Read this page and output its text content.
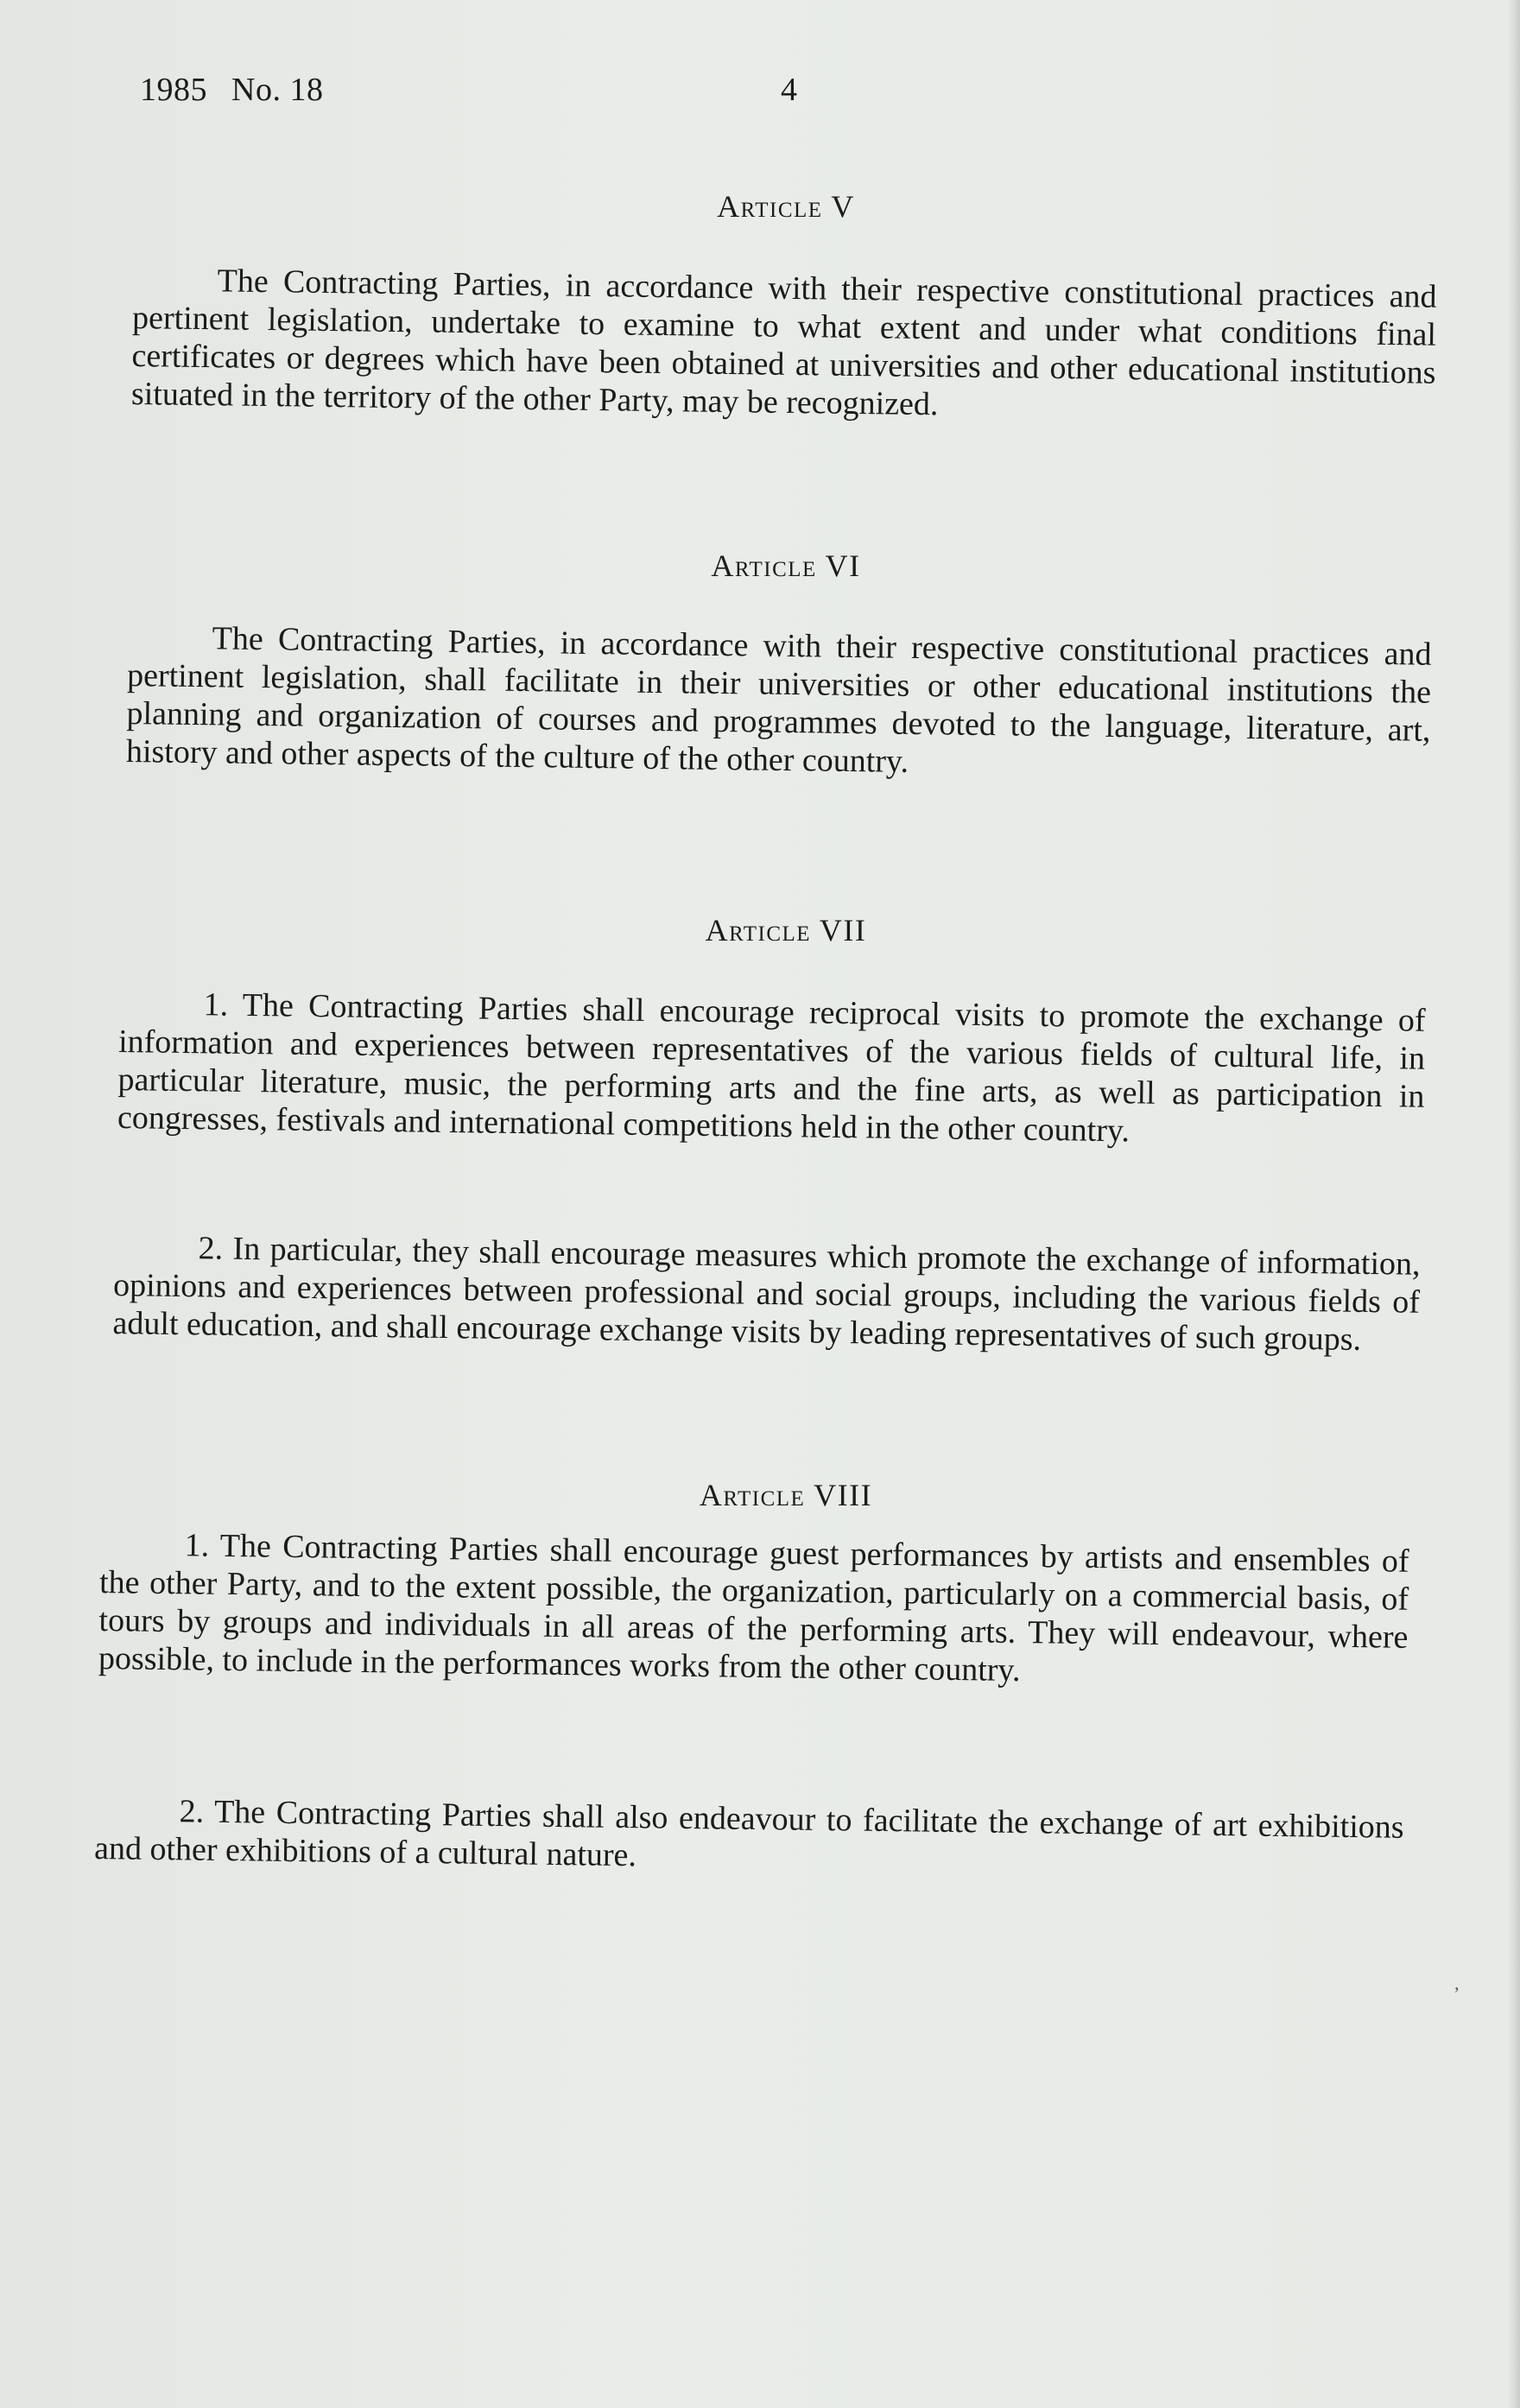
1985 No. 18	4
Article V
The Contracting Parties, in accordance with their respective constitutional practices and pertinent legislation, undertake to examine to what extent and under what conditions final certificates or degrees which have been obtained at universities and other educational institutions situated in the territory of the other Party, may be recognized.
Article VI
The Contracting Parties, in accordance with their respective constitutional practices and pertinent legislation, shall facilitate in their universities or other educational institutions the planning and organization of courses and programmes devoted to the language, literature, art, history and other aspects of the culture of the other country.
Article VII
1. The Contracting Parties shall encourage reciprocal visits to promote the exchange of information and experiences between representatives of the various fields of cultural life, in particular literature, music, the performing arts and the fine arts, as well as participation in congresses, festivals and international competitions held in the other country.
2. In particular, they shall encourage measures which promote the exchange of information, opinions and experiences between professional and social groups, including the various fields of adult education, and shall encourage exchange visits by leading representatives of such groups.
Article VIII
1. The Contracting Parties shall encourage guest performances by artists and ensembles of the other Party, and to the extent possible, the organization, particularly on a commercial basis, of tours by groups and individuals in all areas of the performing arts. They will endeavour, where possible, to include in the performances works from the other country.
2. The Contracting Parties shall also endeavour to facilitate the exchange of art exhibitions and other exhibitions of a cultural nature.
ʼ
